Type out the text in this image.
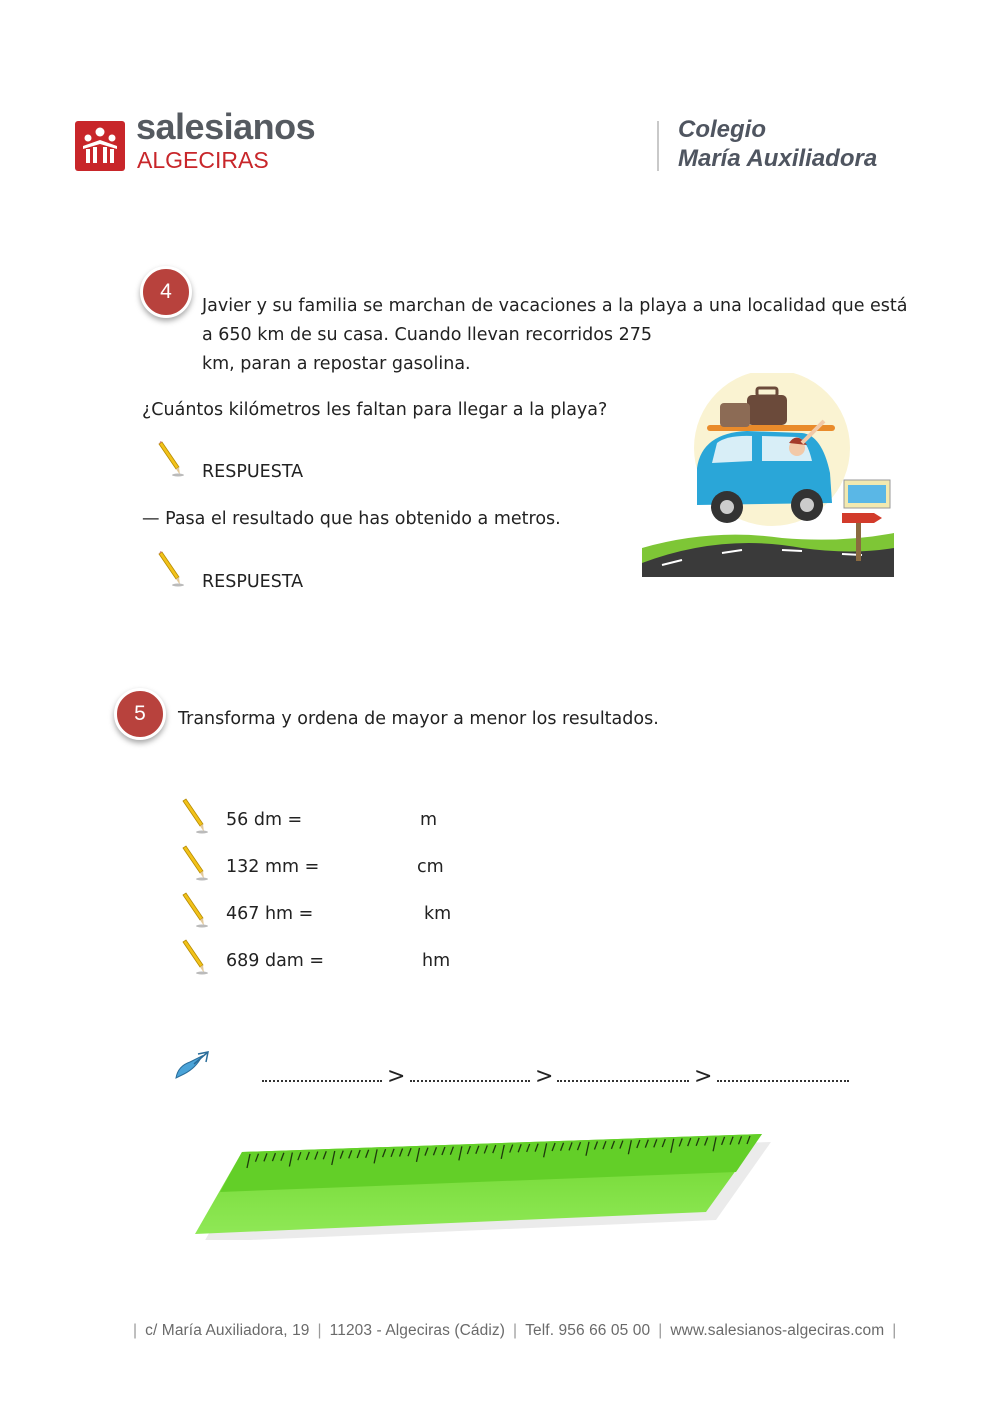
salesianos
ALGECIRAS
Colegio
María Auxiliadora
4
Javier y su familia se marchan de vacaciones a la playa a una localidad que está
a 650 km de su casa. Cuando llevan recorridos 275
km, paran a repostar gasolina.
¿Cuántos kilómetros les faltan para llegar a la playa?
RESPUESTA
— Pasa el resultado que has obtenido a metros.
RESPUESTA
5	Transforma y ordena de mayor a menor los resultados.
56 dm =	m
132 mm =	cm
467 hm =	km
689 dam =	hm
>	>	>
| c/ María Auxiliadora, 19 | 11203 - Algeciras (Cádiz) | Telf. 956 66 05 00 | www.salesianos-algeciras.com |
